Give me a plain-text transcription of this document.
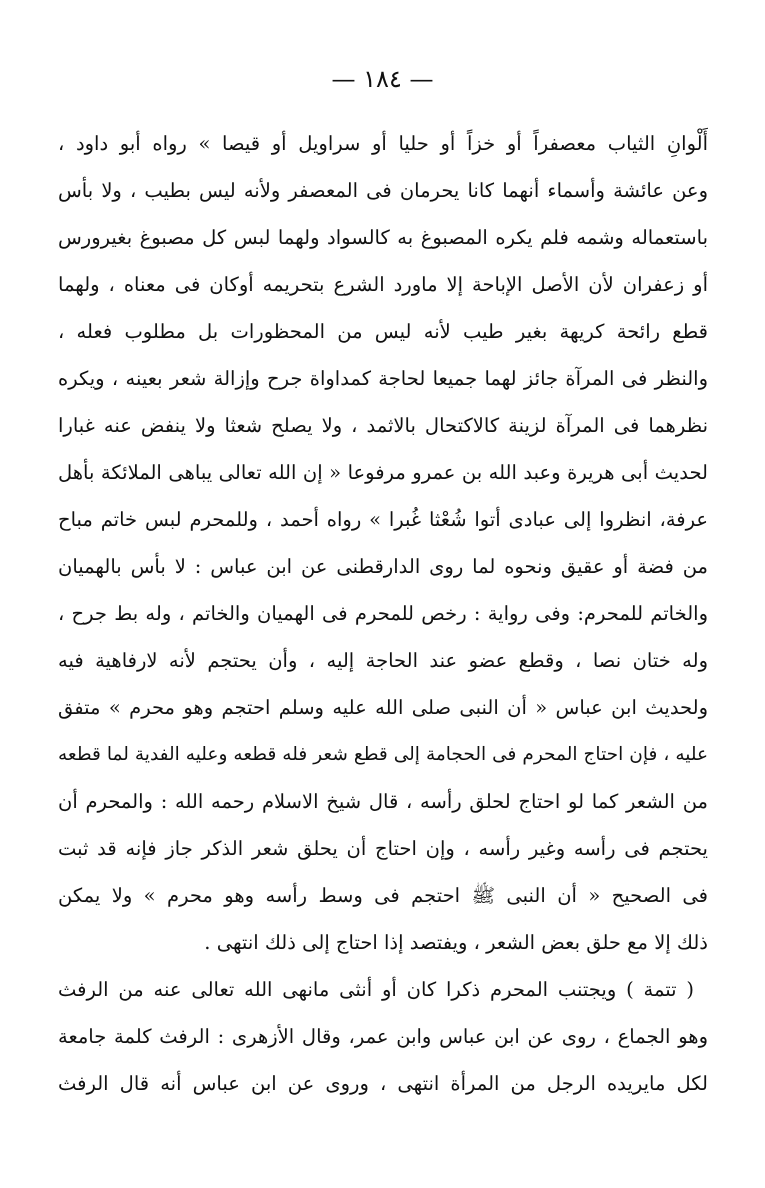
— ١٨٤ —
أَلْوانِ الثياب معصفراً أو خزاً أو حليا أو سراويل أو قيصا » رواه أبو داود ،
وعن عائشة وأسماء أنهما كانا يحرمان فى المعصفر ولأنه ليس بطيب ، ولا بأس
باستعماله وشمه فلم يكره المصبوغ به كالسواد ولهما لبس كل مصبوغ بغيرورس
أو زعفران لأن الأصل الإباحة إلا ماورد الشرع بتحريمه أوكان فى معناه ، ولهما
قطع رائحة كريهة بغير طيب لأنه ليس من المحظورات بل مطلوب فعله ،
والنظر فى المرآة جائز لهما جميعا لحاجة كمداواة جرح وإزالة شعر بعينه ، ويكره
نظرهما فى المرآة لزينة كالاكتحال بالاثمد ، ولا يصلح شعثا ولا ينفض عنه غبارا
لحديث أبى هريرة وعبد الله بن عمرو مرفوعا « إن الله تعالى يباهى الملائكة بأهل
عرفة، انظروا إلى عبادى أتوا شُعْثا غُبرا » رواه أحمد ، وللمحرم لبس خاتم مباح
من فضة أو عقيق ونحوه لما روى الدارقطنى عن ابن عباس : لا بأس بالهميان
والخاتم للمحرم: وفى رواية : رخص للمحرم فى الهميان والخاتم ، وله بط جرح ،
وله ختان نصا ، وقطع عضو عند الحاجة إليه ، وأن يحتجم لأنه لارفاهية فيه
ولحديث ابن عباس « أن النبى صلى الله عليه وسلم احتجم وهو محرم » متفق
عليه ، فإن احتاج المحرم فى الحجامة إلى قطع شعر فله قطعه وعليه الفدية لما قطعه
من الشعر كما لو احتاج لحلق رأسه ، قال شيخ الاسلام رحمه الله : والمحرم أن
يحتجم فى رأسه وغير رأسه ، وإن احتاج أن يحلق شعر الذكر جاز فإنه قد ثبت
فى الصحيح « أن النبى ﷺ احتجم فى وسط رأسه وهو محرم » ولا يمكن
ذلك إلا مع حلق بعض الشعر ، ويفتصد إذا احتاج إلى ذلك انتهى .
( تتمة ) ويجتنب المحرم ذكرا كان أو أنثى مانهى الله تعالى عنه من الرفث
وهو الجماع ، روى عن ابن عباس وابن عمر، وقال الأزهرى : الرفث كلمة جامعة
لكل مايريده الرجل من المرأة انتهى ، وروى عن ابن عباس أنه قال الرفث
